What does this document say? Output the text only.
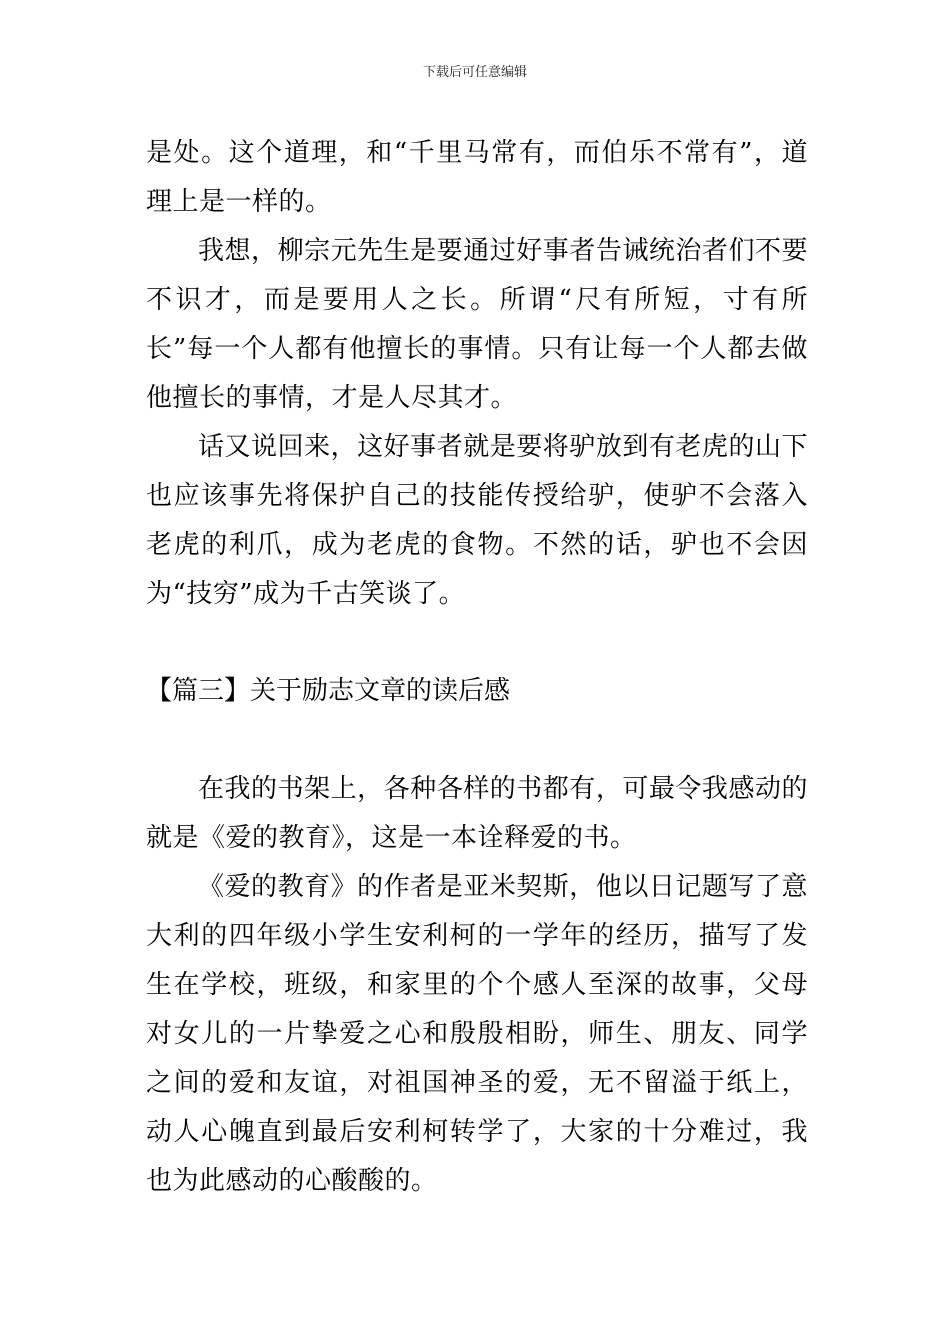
下载后可任意编辑

是处。这个道理，和“千里马常有，而伯乐不常有”，道理上是一样的。

我想，柳宗元先生是要通过好事者告诫统治者们不要不识才，而是要用人之长。所谓“尺有所短，寸有所长”每一个人都有他擅长的事情。只有让每一个人都去做他擅长的事情，才是人尽其才。

话又说回来，这好事者就是要将驴放到有老虎的山下也应该事先将保护自己的技能传授给驴，使驴不会落入老虎的利爪，成为老虎的食物。不然的话，驴也不会因为“技穷”成为千古笑谈了。

【篇三】关于励志文章的读后感

在我的书架上，各种各样的书都有，可最令我感动的就是《爱的教育》，这是一本诠释爱的书。

《爱的教育》的作者是亚米契斯，他以日记题写了意大利的四年级小学生安利柯的一学年的经历，描写了发生在学校，班级，和家里的个个感人至深的故事，父母对女儿的一片挚爱之心和殷殷相盼，师生、朋友、同学之间的爱和友谊，对祖国神圣的爱，无不留溢于纸上，动人心魄直到最后安利柯转学了，大家的十分难过，我也为此感动的心酸酸的。
